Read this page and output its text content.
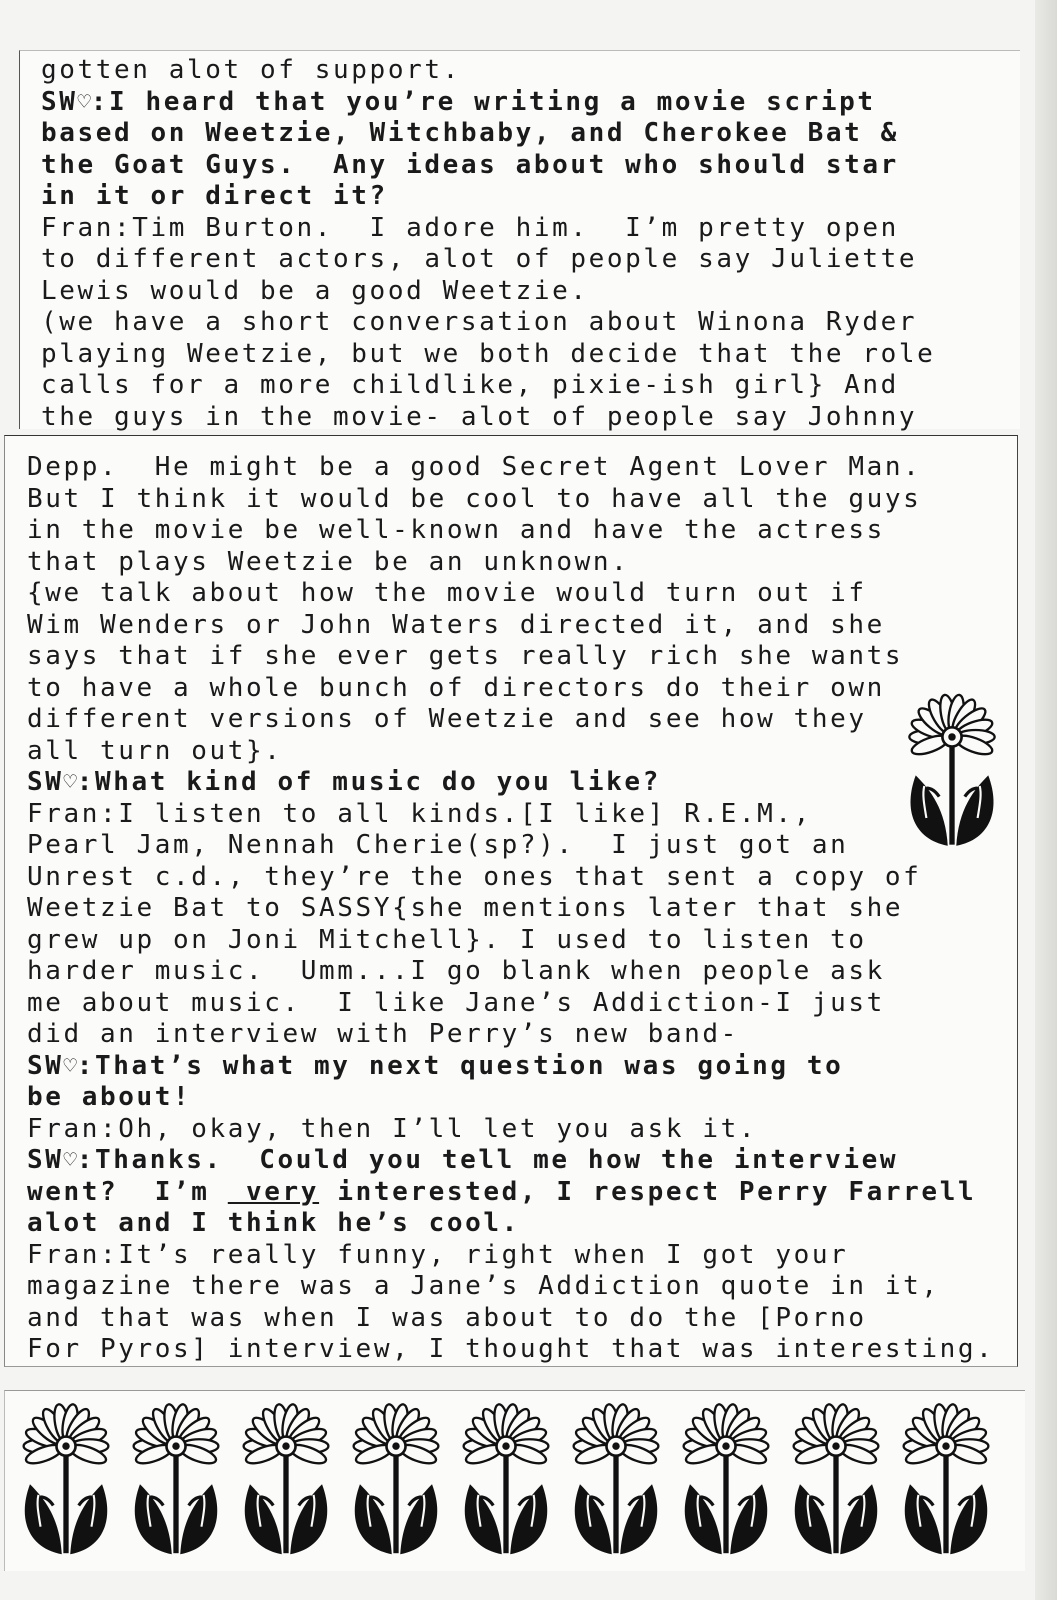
gotten alot of support.
SW♡:I heard that you’re writing a movie script
based on Weetzie, Witchbaby, and Cherokee Bat &
the Goat Guys.  Any ideas about who should star
in it or direct it?
Fran:Tim Burton.  I adore him.  I’m pretty open
to different actors, alot of people say Juliette
Lewis would be a good Weetzie.
(we have a short conversation about Winona Ryder
playing Weetzie, but we both decide that the role
calls for a more childlike, pixie-ish girl} And
the guys in the movie- alot of people say Johnny
Depp.  He might be a good Secret Agent Lover Man.
But I think it would be cool to have all the guys
in the movie be well-known and have the actress
that plays Weetzie be an unknown.
{we talk about how the movie would turn out if
Wim Wenders or John Waters directed it, and she
says that if she ever gets really rich she wants
to have a whole bunch of directors do their own
different versions of Weetzie and see how they
all turn out}.
SW♡:What kind of music do you like?
Fran:I listen to all kinds.[I like] R.E.M.,
Pearl Jam, Nennah Cherie(sp?).  I just got an
Unrest c.d., they’re the ones that sent a copy of
Weetzie Bat to SASSY{she mentions later that she
grew up on Joni Mitchell}. I used to listen to
harder music.  Umm...I go blank when people ask
me about music.  I like Jane’s Addiction-I just
did an interview with Perry’s new band-
SW♡:That’s what my next question was going to
be about!
Fran:Oh, okay, then I’ll let you ask it.
SW♡:Thanks.  Could you tell me how the interview
went?  I’m  very interested, I respect Perry Farrell
alot and I think he’s cool.
Fran:It’s really funny, right when I got your
magazine there was a Jane’s Addiction quote in it,
and that was when I was about to do the [Porno
For Pyros] interview, I thought that was interesting.
